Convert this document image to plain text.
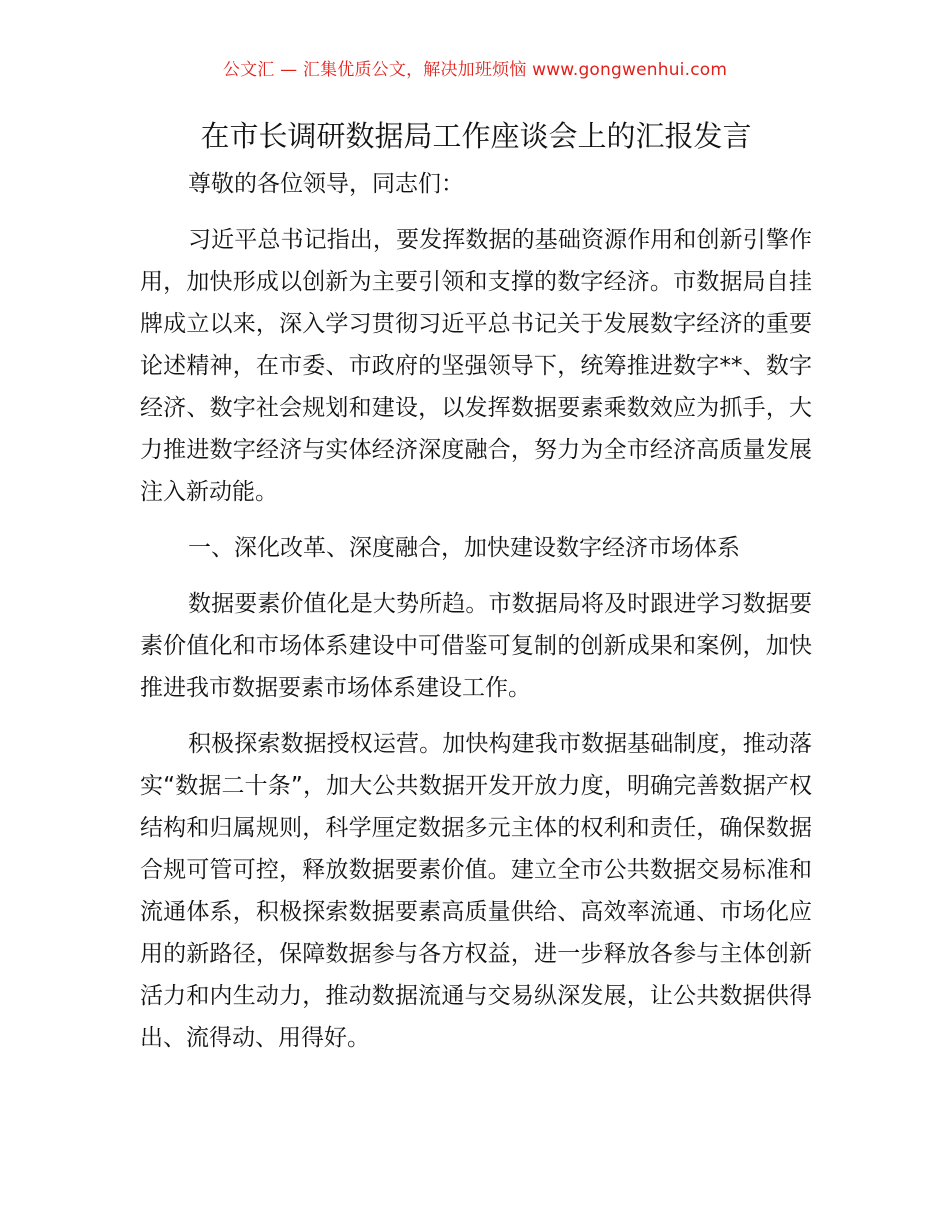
公文汇 — 汇集优质公文，解决加班烦恼 www.gongwenhui.com
在市长调研数据局工作座谈会上的汇报发言

尊敬的各位领导，同志们：

习近平总书记指出，要发挥数据的基础资源作用和创新引擎作用，加快形成以创新为主要引领和支撑的数字经济。市数据局自挂牌成立以来，深入学习贯彻习近平总书记关于发展数字经济的重要论述精神，在市委、市政府的坚强领导下，统筹推进数字**、数字经济、数字社会规划和建设，以发挥数据要素乘数效应为抓手，大力推进数字经济与实体经济深度融合，努力为全市经济高质量发展注入新动能。

一、深化改革、深度融合，加快建设数字经济市场体系

数据要素价值化是大势所趋。市数据局将及时跟进学习数据要素价值化和市场体系建设中可借鉴可复制的创新成果和案例，加快推进我市数据要素市场体系建设工作。

积极探索数据授权运营。加快构建我市数据基础制度，推动落实“数据二十条”，加大公共数据开发开放力度，明确完善数据产权结构和归属规则，科学厘定数据多元主体的权利和责任，确保数据合规可管可控，释放数据要素价值。建立全市公共数据交易标准和流通体系，积极探索数据要素高质量供给、高效率流通、市场化应用的新路径，保障数据参与各方权益，进一步释放各参与主体创新活力和内生动力，推动数据流通与交易纵深发展，让公共数据供得出、流得动、用得好。
